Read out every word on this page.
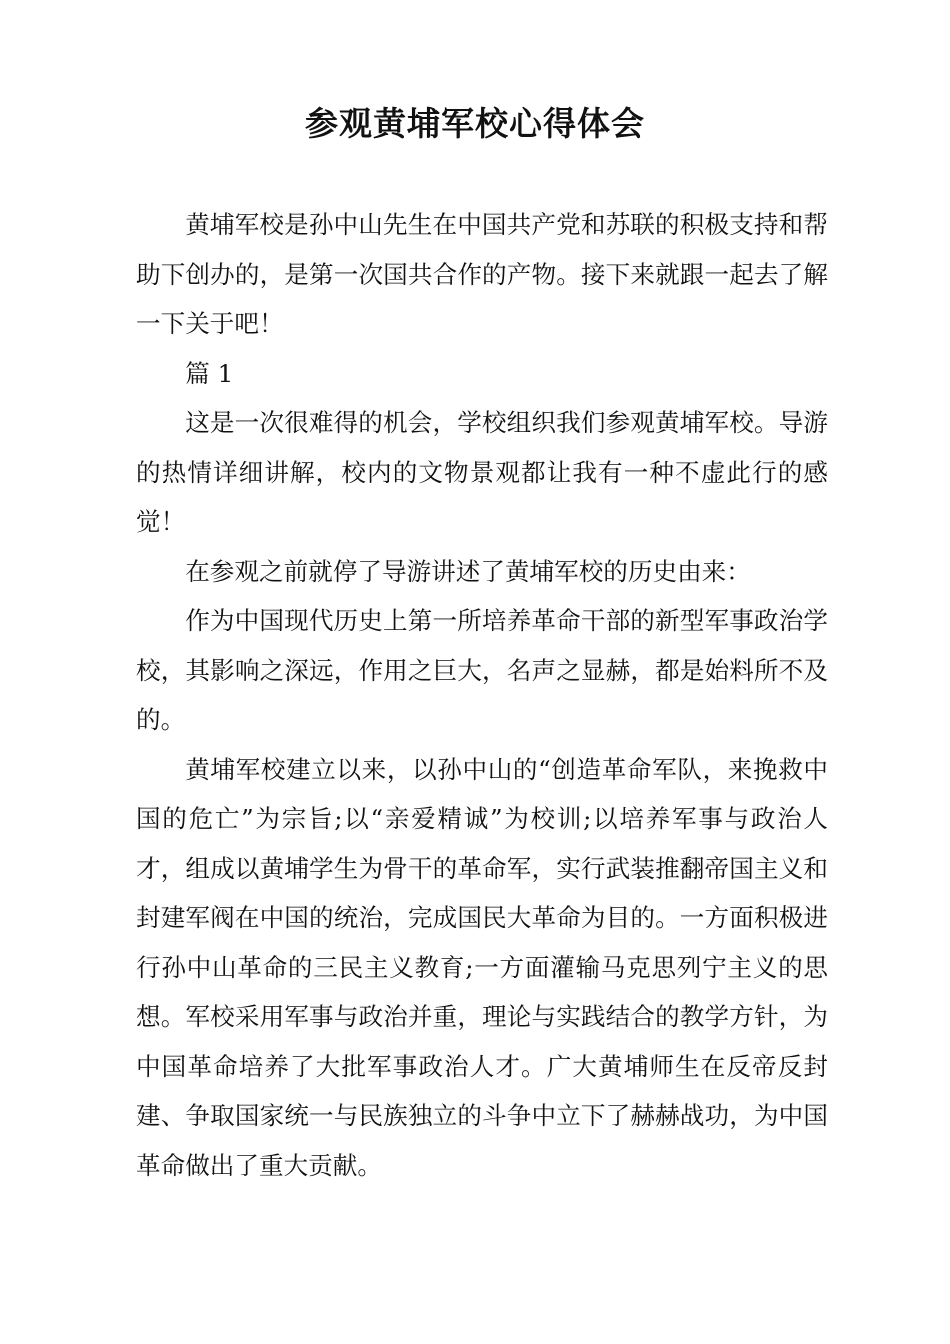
参观黄埔军校心得体会

黄埔军校是孙中山先生在中国共产党和苏联的积极支持和帮助下创办的，是第一次国共合作的产物。接下来就跟一起去了解一下关于吧！

篇 1

这是一次很难得的机会，学校组织我们参观黄埔军校。导游的热情详细讲解，校内的文物景观都让我有一种不虚此行的感觉！

在参观之前就停了导游讲述了黄埔军校的历史由来：

作为中国现代历史上第一所培养革命干部的新型军事政治学校，其影响之深远，作用之巨大，名声之显赫，都是始料所不及的。

黄埔军校建立以来，以孙中山的“创造革命军队，来挽救中国的危亡”为宗旨;以“亲爱精诚”为校训;以培养军事与政治人才，组成以黄埔学生为骨干的革命军，实行武装推翻帝国主义和封建军阀在中国的统治，完成国民大革命为目的。一方面积极进行孙中山革命的三民主义教育;一方面灌输马克思列宁主义的思想。军校采用军事与政治并重，理论与实践结合的教学方针，为中国革命培养了大批军事政治人才。广大黄埔师生在反帝反封建、争取国家统一与民族独立的斗争中立下了赫赫战功，为中国革命做出了重大贡献。
